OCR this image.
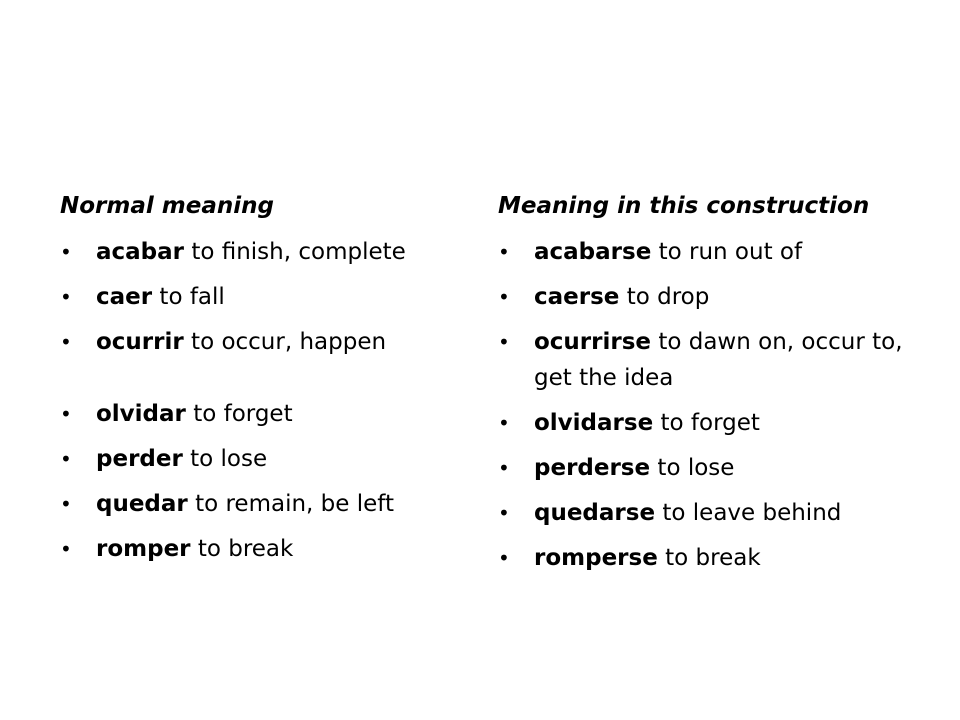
Normal meaning
• acabar to finish, complete
• caer to fall
• ocurrir to occur, happen
• olvidar to forget
• perder to lose
• quedar to remain, be left
• romper to break
Meaning in this construction
• acabarse to run out of
• caerse to drop
• ocurrirse to dawn on, occur to, get the idea
• olvidarse to forget
• perderse to lose
• quedarse to leave behind
• romperse to break
